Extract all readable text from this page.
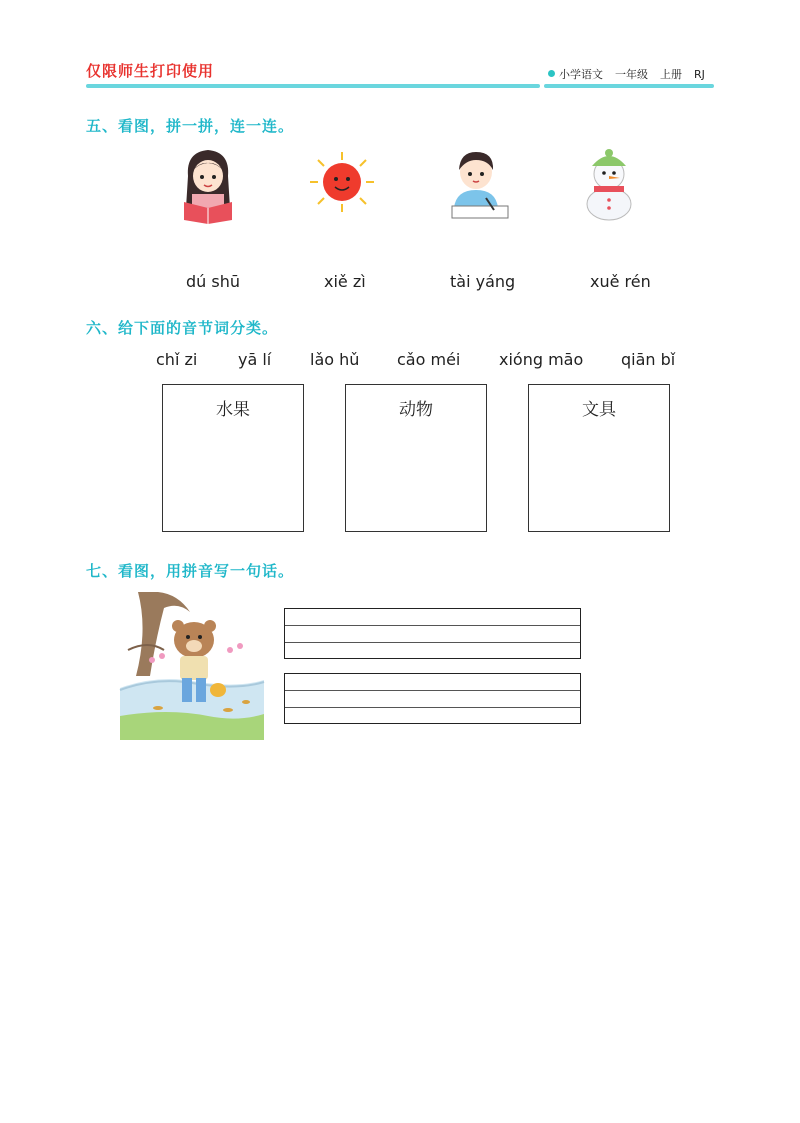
仅限师生打印使用	小学语文 一年级 上册 RJ
五、看图，拼一拼，连一连。
dú shū	xiě zì	tài yáng	xuě rén
六、给下面的音节词分类。
chǐ zi	yā lí lǎo hǔ cǎo méi xióng māo qiān bǐ
水果	动物	文具
七、看图，用拼音写一句话。
